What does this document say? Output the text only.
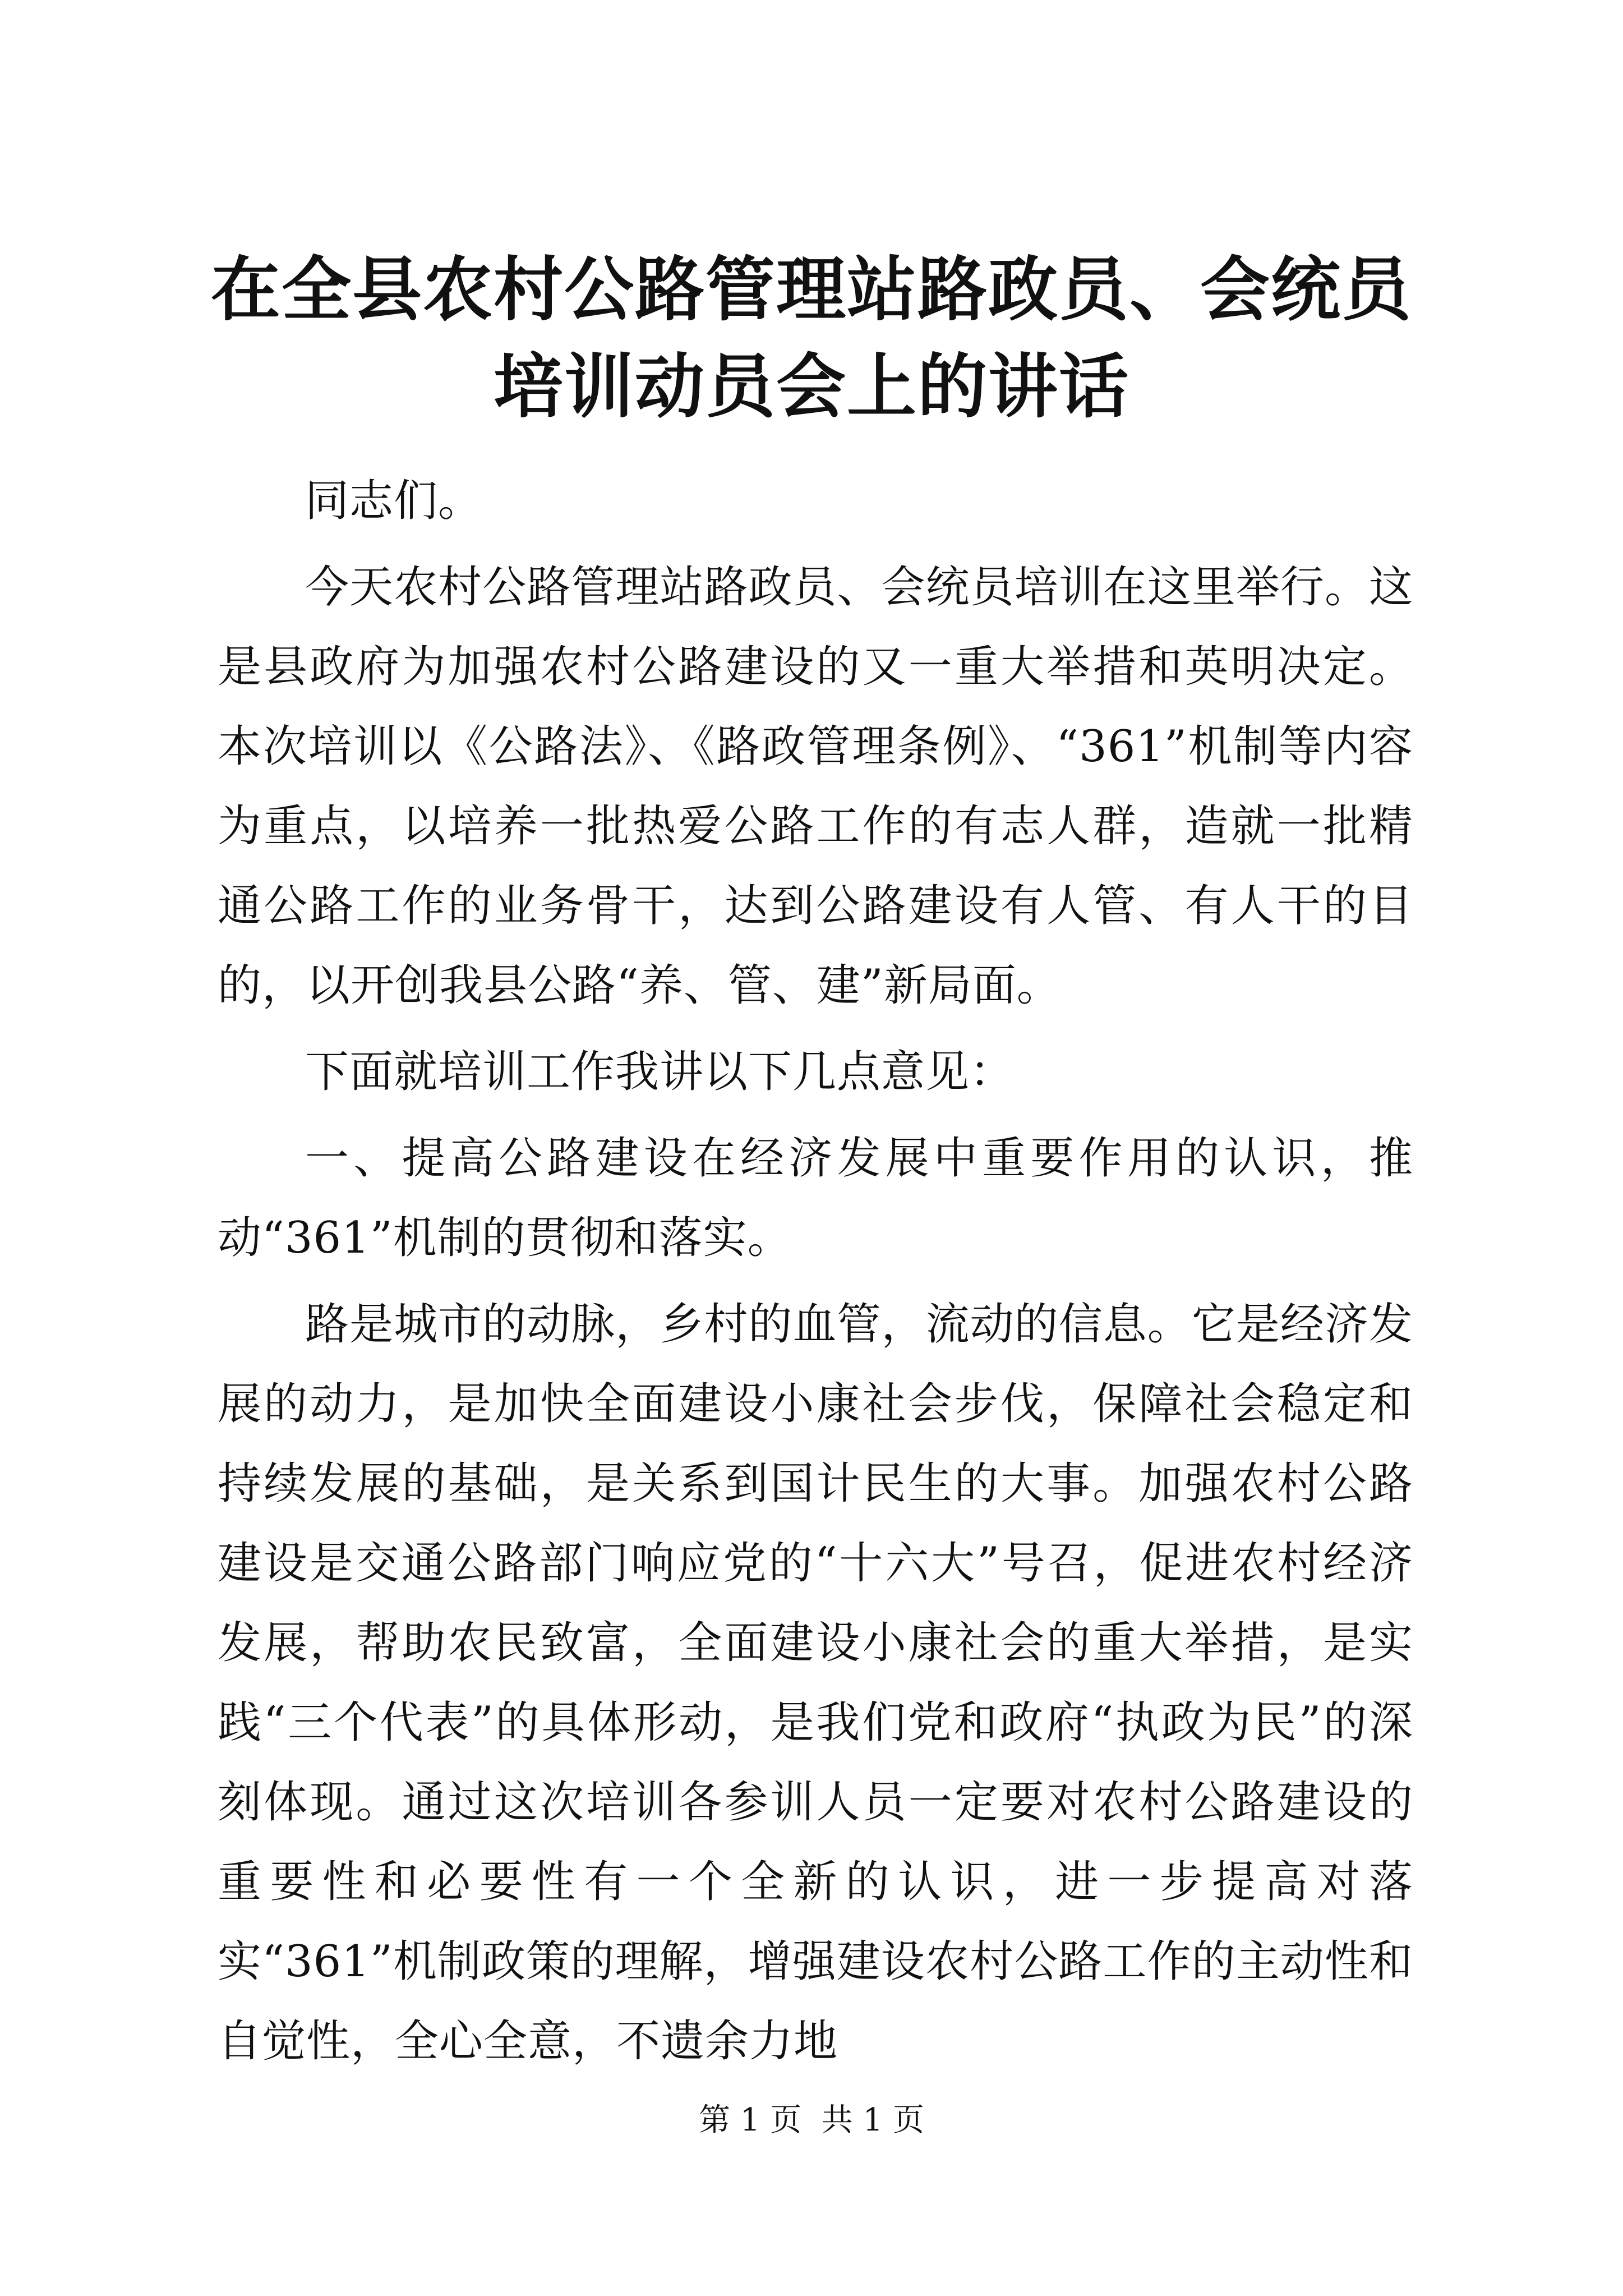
在全县农村公路管理站路政员、会统员培训动员会上的讲话

同志们。

今天农村公路管理站路政员、会统员培训在这里举行。这是县政府为加强农村公路建设的又一重大举措和英明决定。本次培训以《公路法》、《路政管理条例》、“361”机制等内容为重点，以培养一批热爱公路工作的有志人群，造就一批精通公路工作的业务骨干，达到公路建设有人管、有人干的目的，以开创我县公路“养、管、建”新局面。

下面就培训工作我讲以下几点意见：

一、提高公路建设在经济发展中重要作用的认识，推动“361”机制的贯彻和落实。

路是城市的动脉，乡村的血管，流动的信息。它是经济发展的动力，是加快全面建设小康社会步伐，保障社会稳定和持续发展的基础，是关系到国计民生的大事。加强农村公路建设是交通公路部门响应党的“十六大”号召，促进农村经济发展，帮助农民致富，全面建设小康社会的重大举措，是实践“三个代表”的具体形动，是我们党和政府“执政为民”的深刻体现。通过这次培训各参训人员一定要对农村公路建设的重要性和必要性有一个全新的认识，进一步提高对落实“361”机制政策的理解，增强建设农村公路工作的主动性和自觉性，全心全意，不遗余力地

第 1 页  共 1 页
